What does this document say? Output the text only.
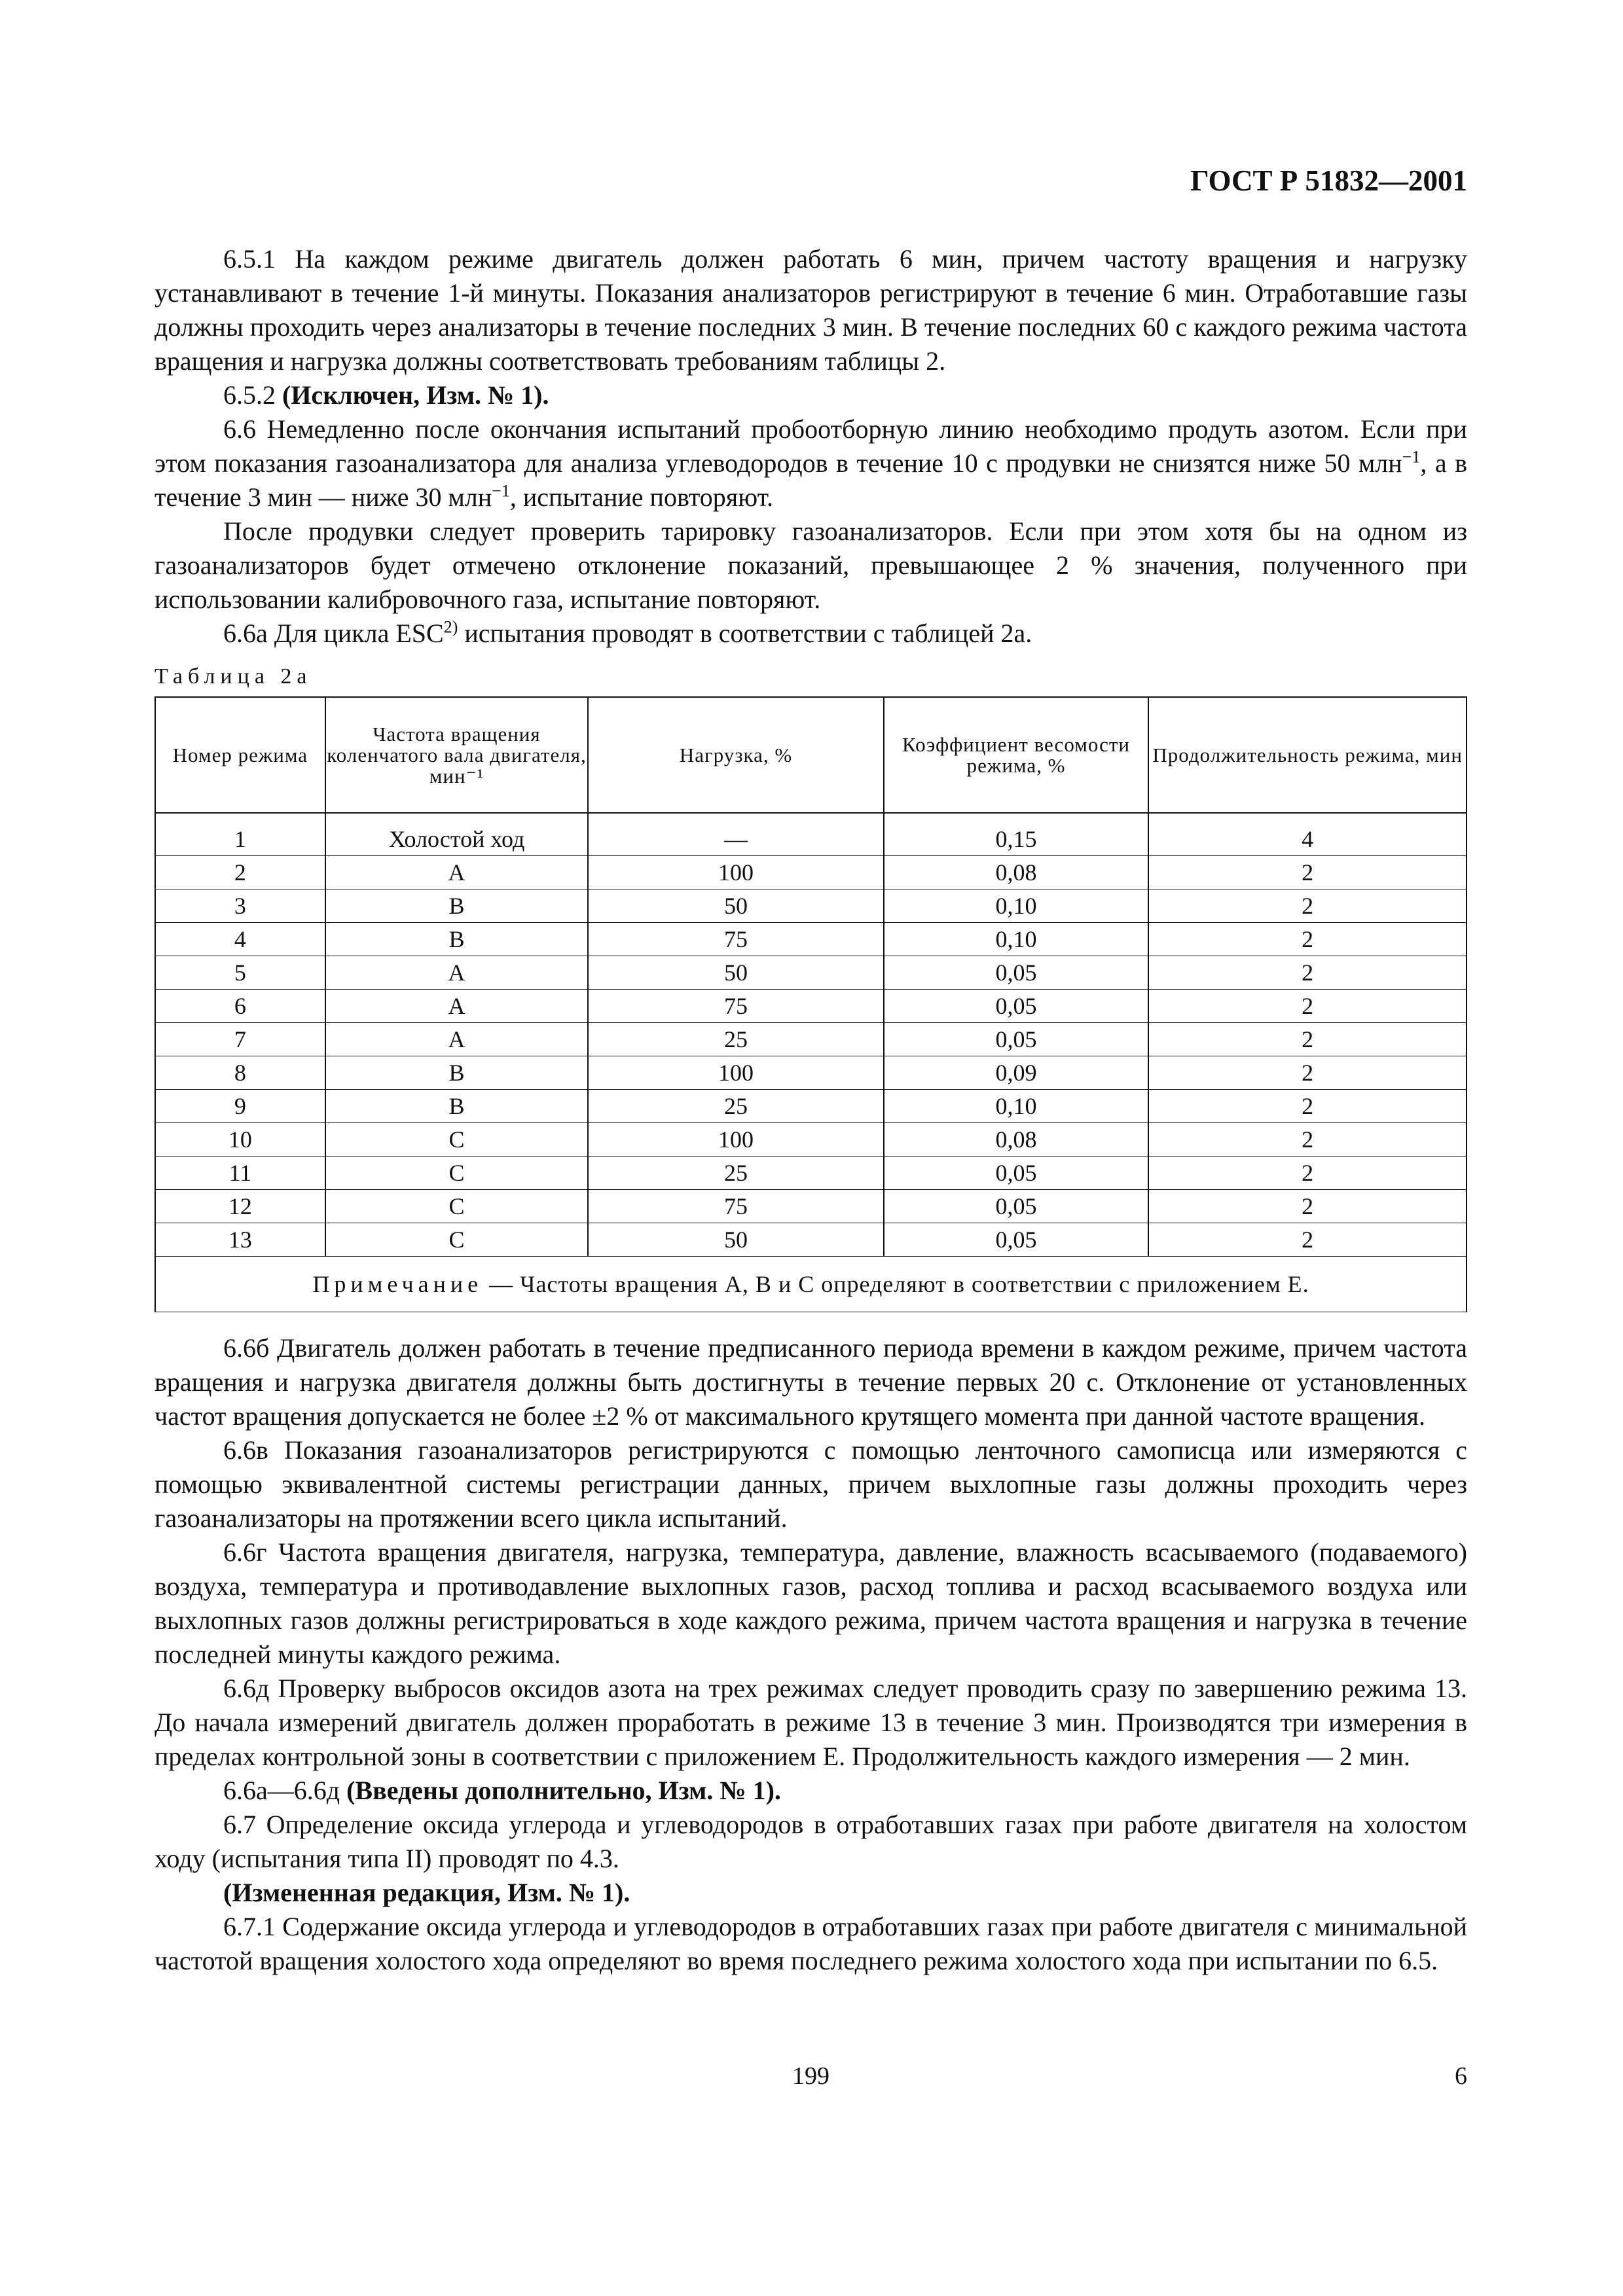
ГОСТ Р 51832—2001

6.5.1 На каждом режиме двигатель должен работать 6 мин, причем частоту вращения и нагрузку устанавливают в течение 1-й минуты. Показания анализаторов регистрируют в течение 6 мин. Отработавшие газы должны проходить через анализаторы в течение последних 3 мин. В течение последних 60 с каждого режима частота вращения и нагрузка должны соответствовать требованиям таблицы 2.

6.5.2 (Исключен, Изм. № 1).

6.6 Немедленно после окончания испытаний пробоотборную линию необходимо продуть азотом. Если при этом показания газоанализатора для анализа углеводородов в течение 10 с продувки не снизятся ниже 50 млн$^{-1}$, а в течение 3 мин — ниже 30 млн$^{-1}$, испытание повторяют.

После продувки следует проверить тарировку газоанализаторов. Если при этом хотя бы на одном из газоанализаторов будет отмечено отклонение показаний, превышающее 2 % значения, полученного при использовании калибровочного газа, испытание повторяют.

6.6а Для цикла ESC$^{2)}$ испытания проводят в соответствии с таблицей 2а.

Таблица 2а
Номер режима	Частота вращения коленчатого вала двигателя, мин⁻¹	Нагрузка, %	Коэффициент весомости режима, %	Продолжительность режима, мин
1	Холостой ход	—	0,15	4
2	A	100	0,08	2
3	B	50	0,10	2
4	B	75	0,10	2
5	A	50	0,05	2
6	A	75	0,05	2
7	A	25	0,05	2
8	B	100	0,09	2
9	B	25	0,10	2
10	C	100	0,08	2
11	C	25	0,05	2
12	C	75	0,05	2
13	C	50	0,05	2
Примечание — Частоты вращения A, B и C определяют в соответствии с приложением Е.				

6.6б Двигатель должен работать в течение предписанного периода времени в каждом режиме, причем частота вращения и нагрузка двигателя должны быть достигнуты в течение первых 20 с. Отклонение от установленных частот вращения допускается не более ±2 % от максимального крутящего момента при данной частоте вращения.

6.6в Показания газоанализаторов регистрируются с помощью ленточного самописца или измеряются с помощью эквивалентной системы регистрации данных, причем выхлопные газы должны проходить через газоанализаторы на протяжении всего цикла испытаний.

6.6г Частота вращения двигателя, нагрузка, температура, давление, влажность всасываемого (подаваемого) воздуха, температура и противодавление выхлопных газов, расход топлива и расход всасываемого воздуха или выхлопных газов должны регистрироваться в ходе каждого режима, причем частота вращения и нагрузка в течение последней минуты каждого режима.

6.6д Проверку выбросов оксидов азота на трех режимах следует проводить сразу по завершению режима 13. До начала измерений двигатель должен проработать в режиме 13 в течение 3 мин. Производятся три измерения в пределах контрольной зоны в соответствии с приложением Е. Продолжительность каждого измерения — 2 мин.

6.6а—6.6д (Введены дополнительно, Изм. № 1).

6.7 Определение оксида углерода и углеводородов в отработавших газах при работе двигателя на холостом ходу (испытания типа II) проводят по 4.3.

(Измененная редакция, Изм. № 1).

6.7.1 Содержание оксида углерода и углеводородов в отработавших газах при работе двигателя с минимальной частотой вращения холостого хода определяют во время последнего режима холостого хода при испытании по 6.5.

199	6
